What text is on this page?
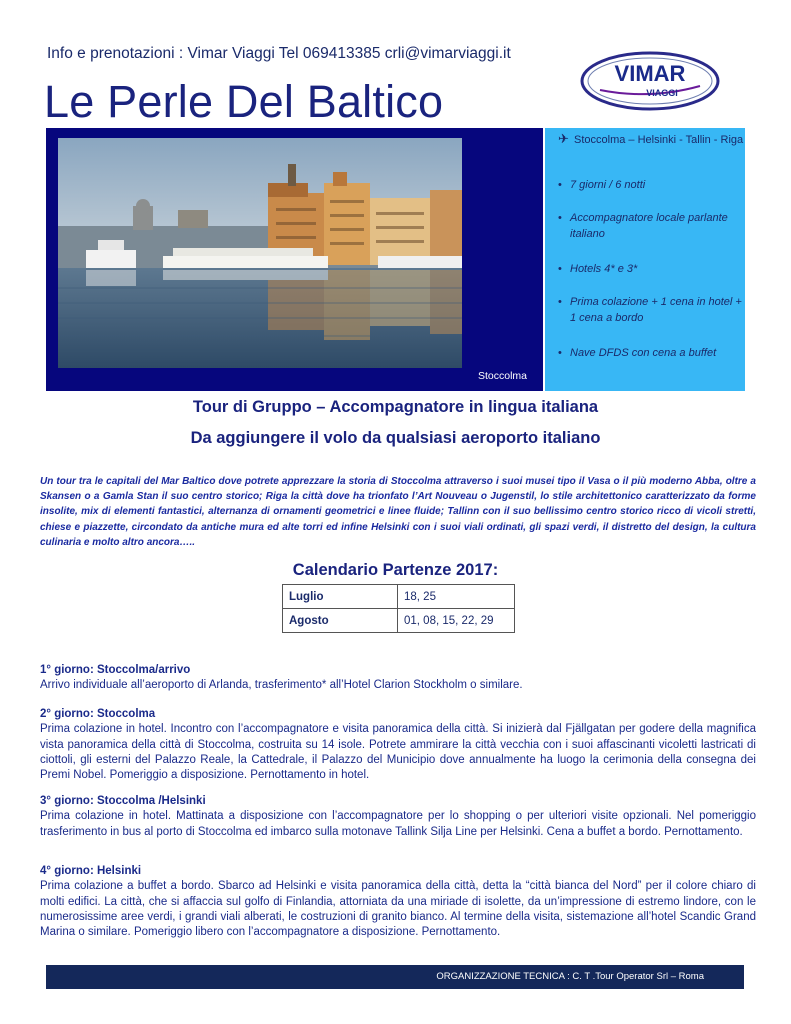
Info e prenotazioni : Vimar Viaggi Tel 069413385 crli@vimarviaggi.it
VIMAR
VIAGGI
Le Perle Del Baltico
Stoccolma
✈ Stoccolma – Helsinki - Tallin - Riga
• 7 giorni / 6 notti
• Accompagnatore locale parlante italiano
• Hotels 4* e 3*
• Prima colazione + 1 cena in hotel + 1 cena a bordo
• Nave DFDS con cena a buffet
Tour di Gruppo – Accompagnatore in lingua italiana
Da aggiungere il volo da qualsiasi aeroporto italiano
Un tour tra le capitali del Mar Baltico dove potrete apprezzare la storia di Stoccolma attraverso i suoi musei tipo il Vasa o il più moderno Abba, oltre a Skansen o a Gamla Stan il suo centro storico; Riga la città dove ha trionfato l’Art Nouveau o Jugenstil, lo stile architettonico caratterizzato da forme insolite, mix di elementi fantastici, alternanza di ornamenti geometrici e linee fluide; Tallinn con il suo bellissimo centro storico ricco di vicoli stretti, chiese e piazzette, circondato da antiche mura ed alte torri ed infine Helsinki con i suoi viali ordinati, gli spazi verdi, il distretto del design, la cultura culinaria e molto altro ancora…..
Calendario Partenze 2017:
Luglio	18, 25
Agosto	01, 08, 15, 22, 29
1° giorno: Stoccolma/arrivo
Arrivo individuale all’aeroporto di Arlanda, trasferimento* all’Hotel Clarion Stockholm o similare.
2° giorno: Stoccolma
Prima colazione in hotel. Incontro con l’accompagnatore e visita panoramica della città. Si inizierà dal Fjällgatan per godere della magnifica vista panoramica della città di Stoccolma, costruita su 14 isole. Potrete ammirare la città vecchia con i suoi affascinanti vicoletti lastricati di ciottoli, gli esterni del Palazzo Reale, la Cattedrale, il Palazzo del Municipio dove annualmente ha luogo la cerimonia della consegna dei Premi Nobel. Pomeriggio a disposizione. Pernottamento in hotel.
3° giorno: Stoccolma /Helsinki
Prima colazione in hotel. Mattinata a disposizione con l’accompagnatore per lo shopping o per ulteriori visite opzionali. Nel pomeriggio trasferimento in bus al porto di Stoccolma ed imbarco sulla motonave Tallink Silja Line per Helsinki. Cena a buffet a bordo. Pernottamento.
4° giorno: Helsinki
Prima colazione a buffet a bordo. Sbarco ad Helsinki e visita panoramica della città, detta la “città bianca del Nord” per il colore chiaro di molti edifici. La città, che si affaccia sul golfo di Finlandia, attorniata da una miriade di isolette, da un’impressione di estremo lindore, con le numerosissime aree verdi, i grandi viali alberati, le costruzioni di granito bianco. Al termine della visita, sistemazione all’hotel Scandic Grand Marina o similare. Pomeriggio libero con l’accompagnatore a disposizione. Pernottamento.
ORGANIZZAZIONE TECNICA : C. T .Tour Operator Srl – Roma
